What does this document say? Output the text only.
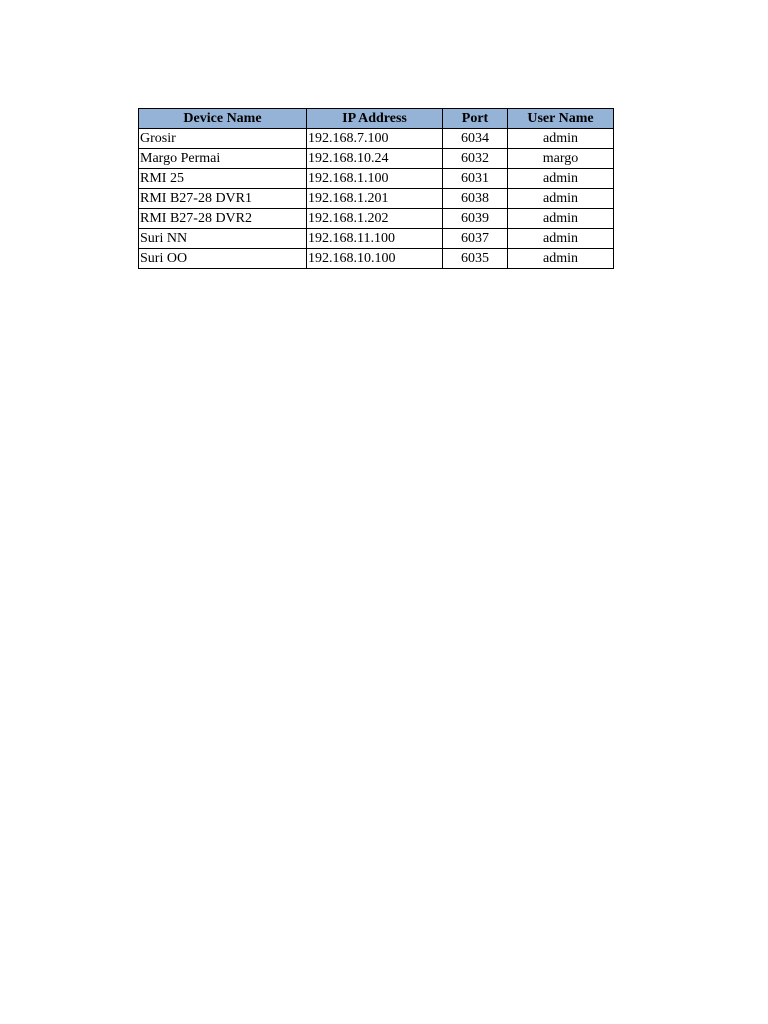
Device Name	IP Address	Port	User Name
Grosir	192.168.7.100	6034	admin
Margo Permai	192.168.10.24	6032	margo
RMI 25	192.168.1.100	6031	admin
RMI B27-28 DVR1	192.168.1.201	6038	admin
RMI B27-28 DVR2	192.168.1.202	6039	admin
Suri NN	192.168.11.100	6037	admin
Suri OO	192.168.10.100	6035	admin
